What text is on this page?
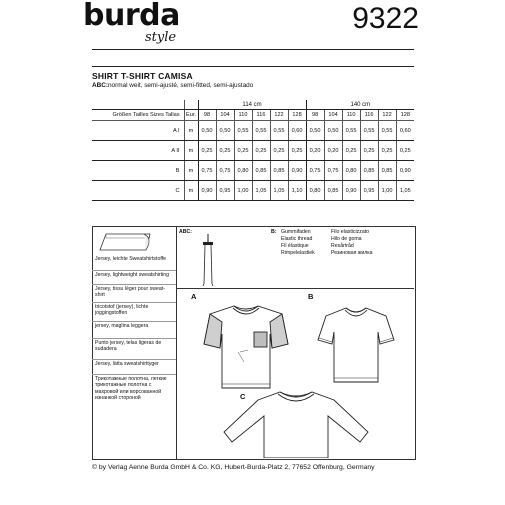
burda
style
9322
SHIRT T-SHIRT CAMISA
ABC:normal weit, semi-ajusté, semi-fitted, semi-ajustado
		114 cm						140 cm					
Größen Tailles Sizes Tallas	Eur.	98	104	110	116	122	128	98	104	110	116	122	128
A I	m	0,50	0,50	0,55	0,55	0,55	0,60	0,50	0,50	0,55	0,55	0,55	0,60
A II	m	0,25	0,25	0,25	0,25	0,25	0,25	0,20	0,20	0,25	0,25	0,25	0,25
B	m	0,75	0,75	0,80	0,85	0,85	0,90	0,75	0,75	0,80	0,85	0,85	0,90
C	m	0,90	0,95	1,00	1,05	1,05	1,10	0,80	0,85	0,90	0,95	1,00	1,05
Jersey, leichte Sweatshirtstoffe
Jersey, lightweight sweatshirting
Jersey, tissu léger pour sweat-shirt
tricotstof (jersey), lichte joggingstoffen
jersey, maglina leggera
Punto jersey, telas ligeras de sudadera
Jersey, lätta sweatshirttyger
Трикотажные полотна, легкие трикотажные полотна с махровой или ворсованной изнанкой стороной
ABC:	B: Gummifaden
Elastic thread
Fil élastique
Rimpelelastiek
Filo elasticizzato
Hilo de goma
Resårtråd
Резиновая жилка
A	B
C
© by Verlag Aenne Burda GmbH & Co. KG, Hubert-Burda-Platz 2, 77652 Offenburg, Germany
